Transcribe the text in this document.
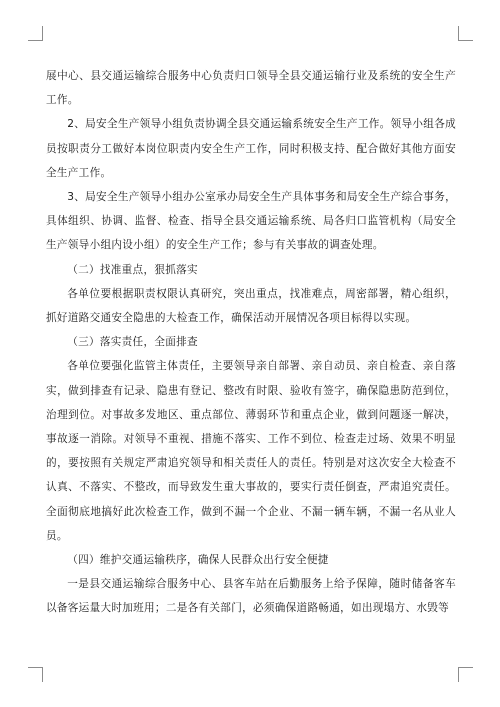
展中心、县交通运输综合服务中心负责归口领导全县交通运输行业及系统的安全生产工作。

2、局安全生产领导小组负责协调全县交通运输系统安全生产工作。领导小组各成员按职责分工做好本岗位职责内安全生产工作，同时积极支持、配合做好其他方面安全生产工作。

3、局安全生产领导小组办公室承办局安全生产具体事务和局安全生产综合事务，具体组织、协调、监督、检查、指导全县交通运输系统、局各归口监管机构（局安全生产领导小组内设小组）的安全生产工作；参与有关事故的调查处理。

（二）找准重点，狠抓落实

各单位要根据职责权限认真研究，突出重点，找准难点，周密部署，精心组织，抓好道路交通安全隐患的大检查工作，确保活动开展情况各项目标得以实现。

（三）落实责任，全面排查

各单位要强化监管主体责任，主要领导亲自部署、亲自动员、亲自检查、亲自落实，做到排查有记录、隐患有登记、整改有时限、验收有签字，确保隐患防范到位，治理到位。对事故多发地区、重点部位、薄弱环节和重点企业，做到问题逐一解决，事故逐一消除。对领导不重视、措施不落实、工作不到位、检查走过场、效果不明显的，要按照有关规定严肃追究领导和相关责任人的责任。特别是对这次安全大检查不认真、不落实、不整改，而导致发生重大事故的，要实行责任倒查，严肃追究责任。全面彻底地搞好此次检查工作，做到不漏一个企业、不漏一辆车辆，不漏一名从业人员。

（四）维护交通运输秩序，确保人民群众出行安全便捷

一是县交通运输综合服务中心、县客车站在后勤服务上给予保障，随时储备客车以备客运量大时加班用；二是各有关部门，必须确保道路畅通，如出现塌方、水毁等
